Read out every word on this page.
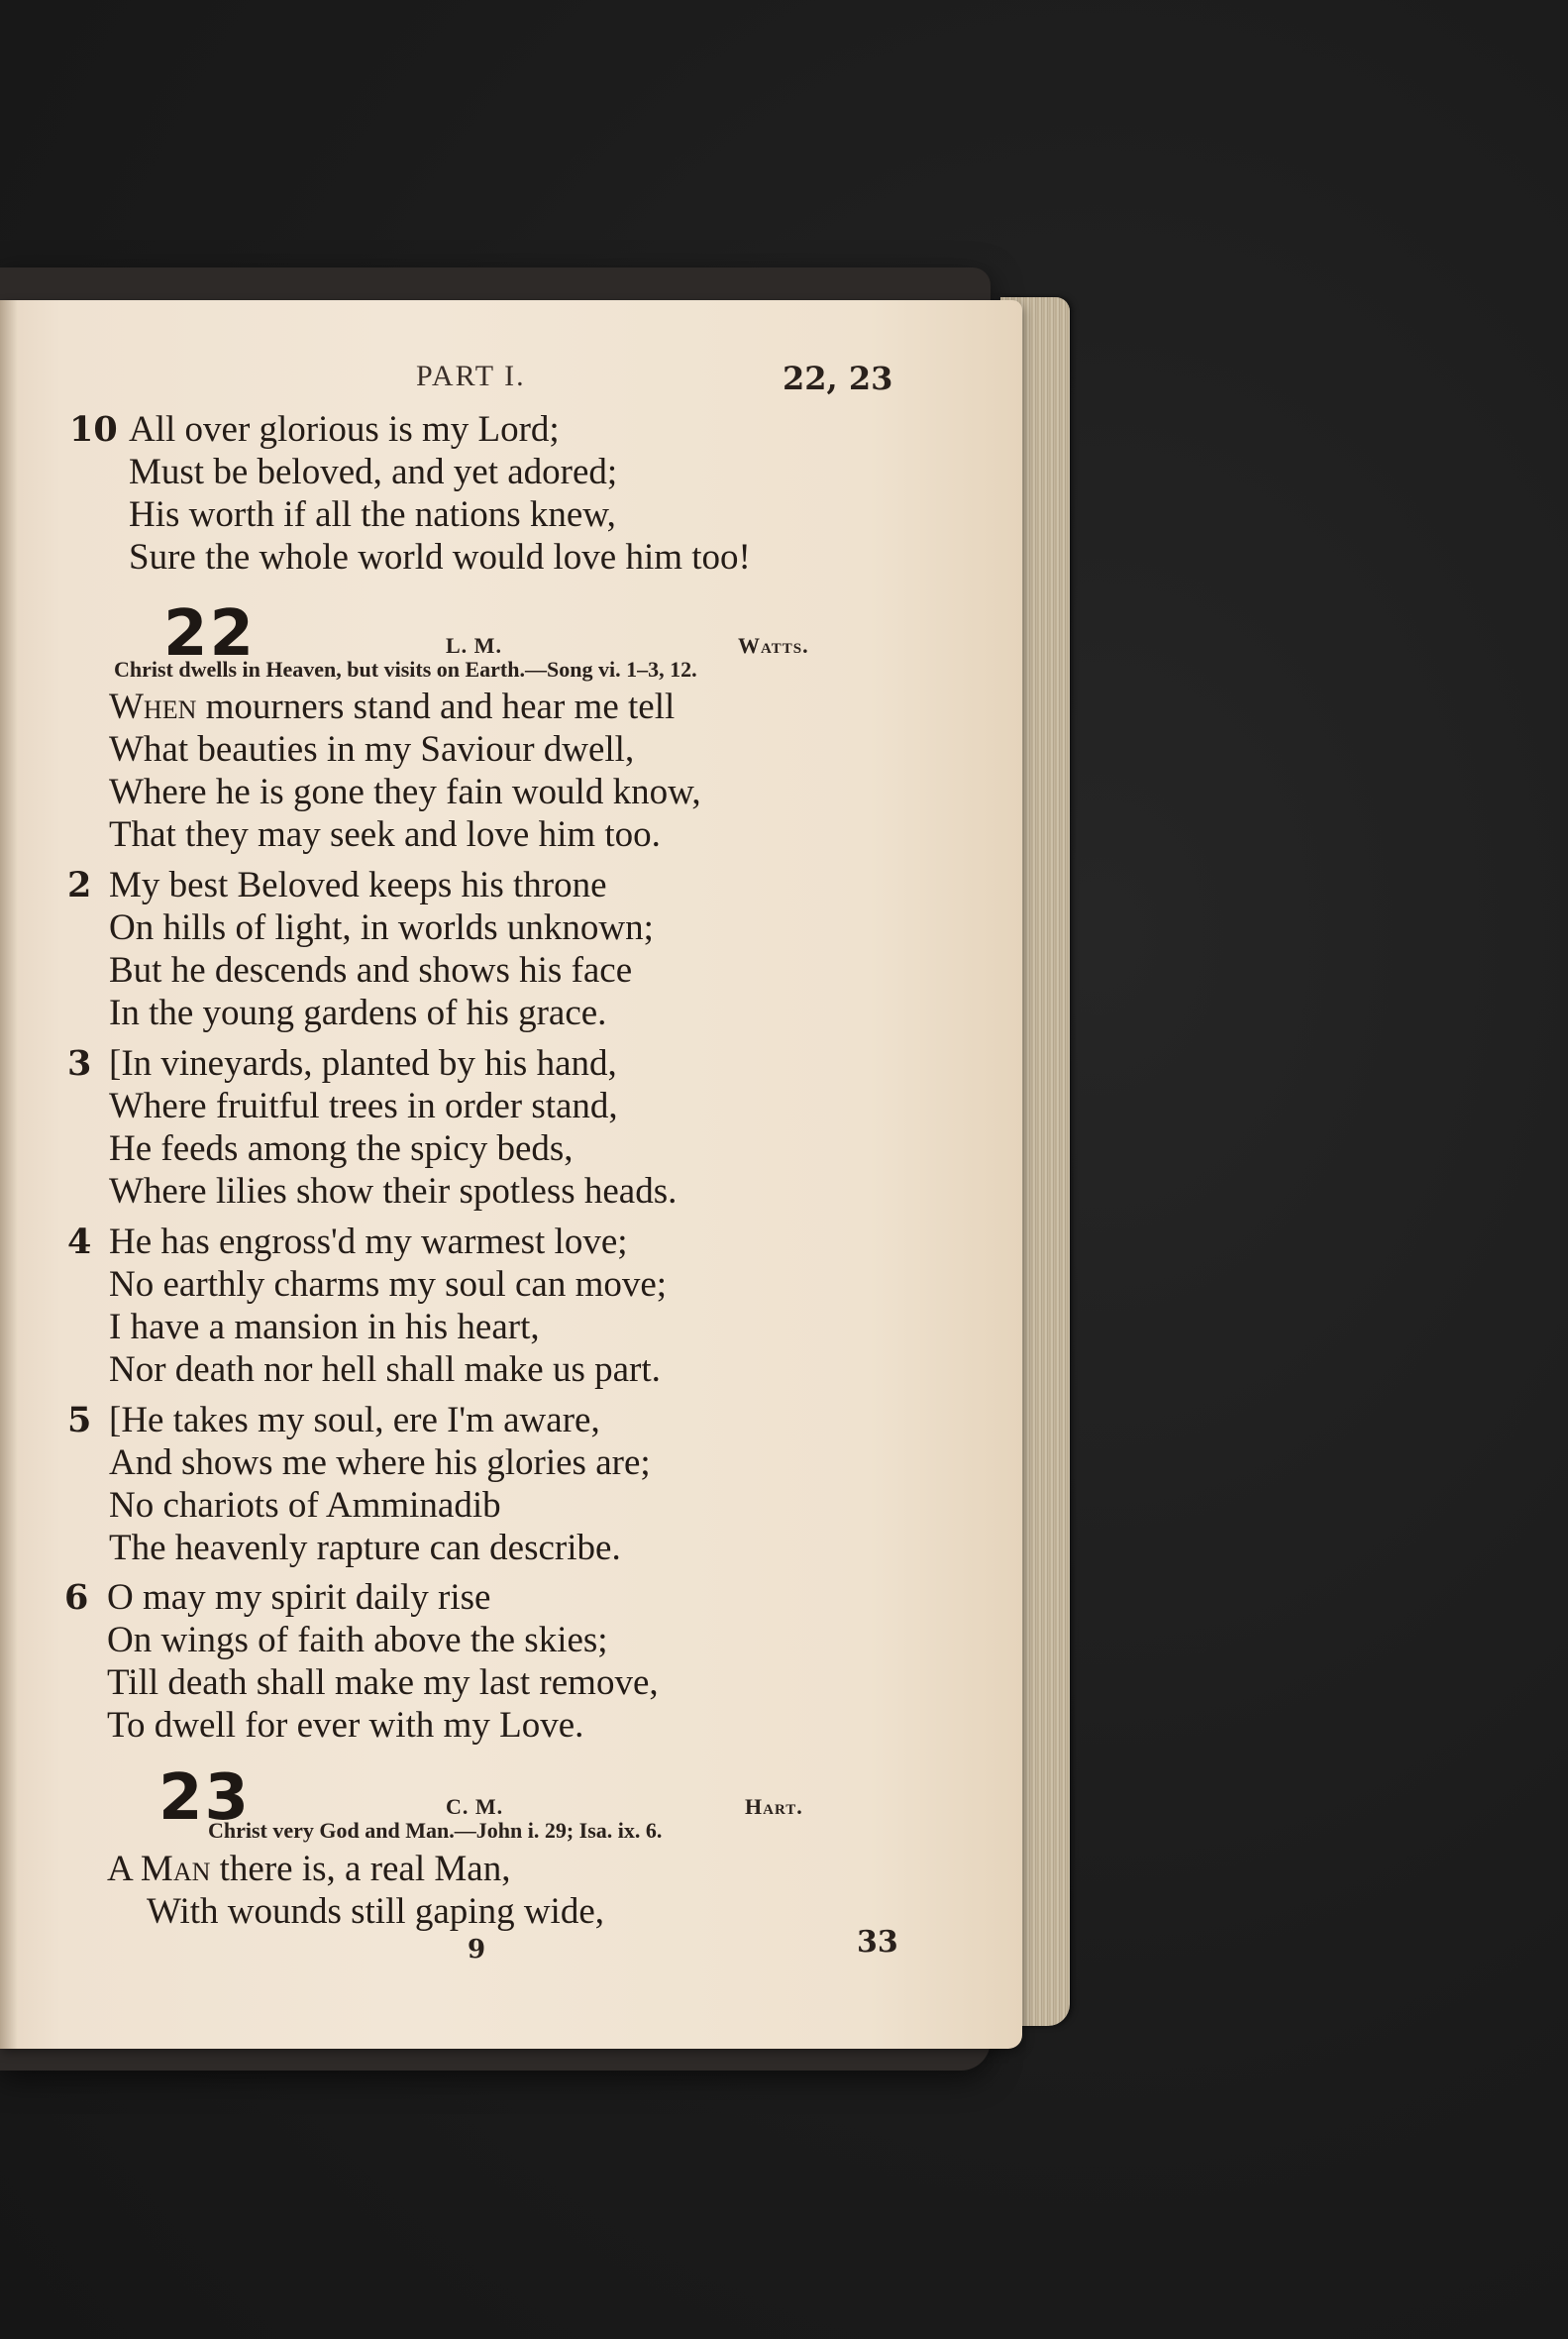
PART I.	22, 23
10 All over glorious is my Lord;
Must be beloved, and yet adored;
His worth if all the nations knew,
Sure the whole world would love him too!
22	L. M.	Watts.
Christ dwells in Heaven, but visits on Earth.—Song vi. 1–3, 12.
When mourners stand and hear me tell
What beauties in my Saviour dwell,
Where he is gone they fain would know,
That they may seek and love him too.
2 My best Beloved keeps his throne
On hills of light, in worlds unknown;
But he descends and shows his face
In the young gardens of his grace.
3 [In vineyards, planted by his hand,
Where fruitful trees in order stand,
He feeds among the spicy beds,
Where lilies show their spotless heads.
4 He has engross'd my warmest love;
No earthly charms my soul can move;
I have a mansion in his heart,
Nor death nor hell shall make us part.
5 [He takes my soul, ere I'm aware,
And shows me where his glories are;
No chariots of Amminadib
The heavenly rapture can describe.
6 O may my spirit daily rise
On wings of faith above the skies;
Till death shall make my last remove,
To dwell for ever with my Love.
23	C. M.	Hart.
Christ very God and Man.—John i. 29; Isa. ix. 6.
A Man there is, a real Man,
With wounds still gaping wide,
9	33
